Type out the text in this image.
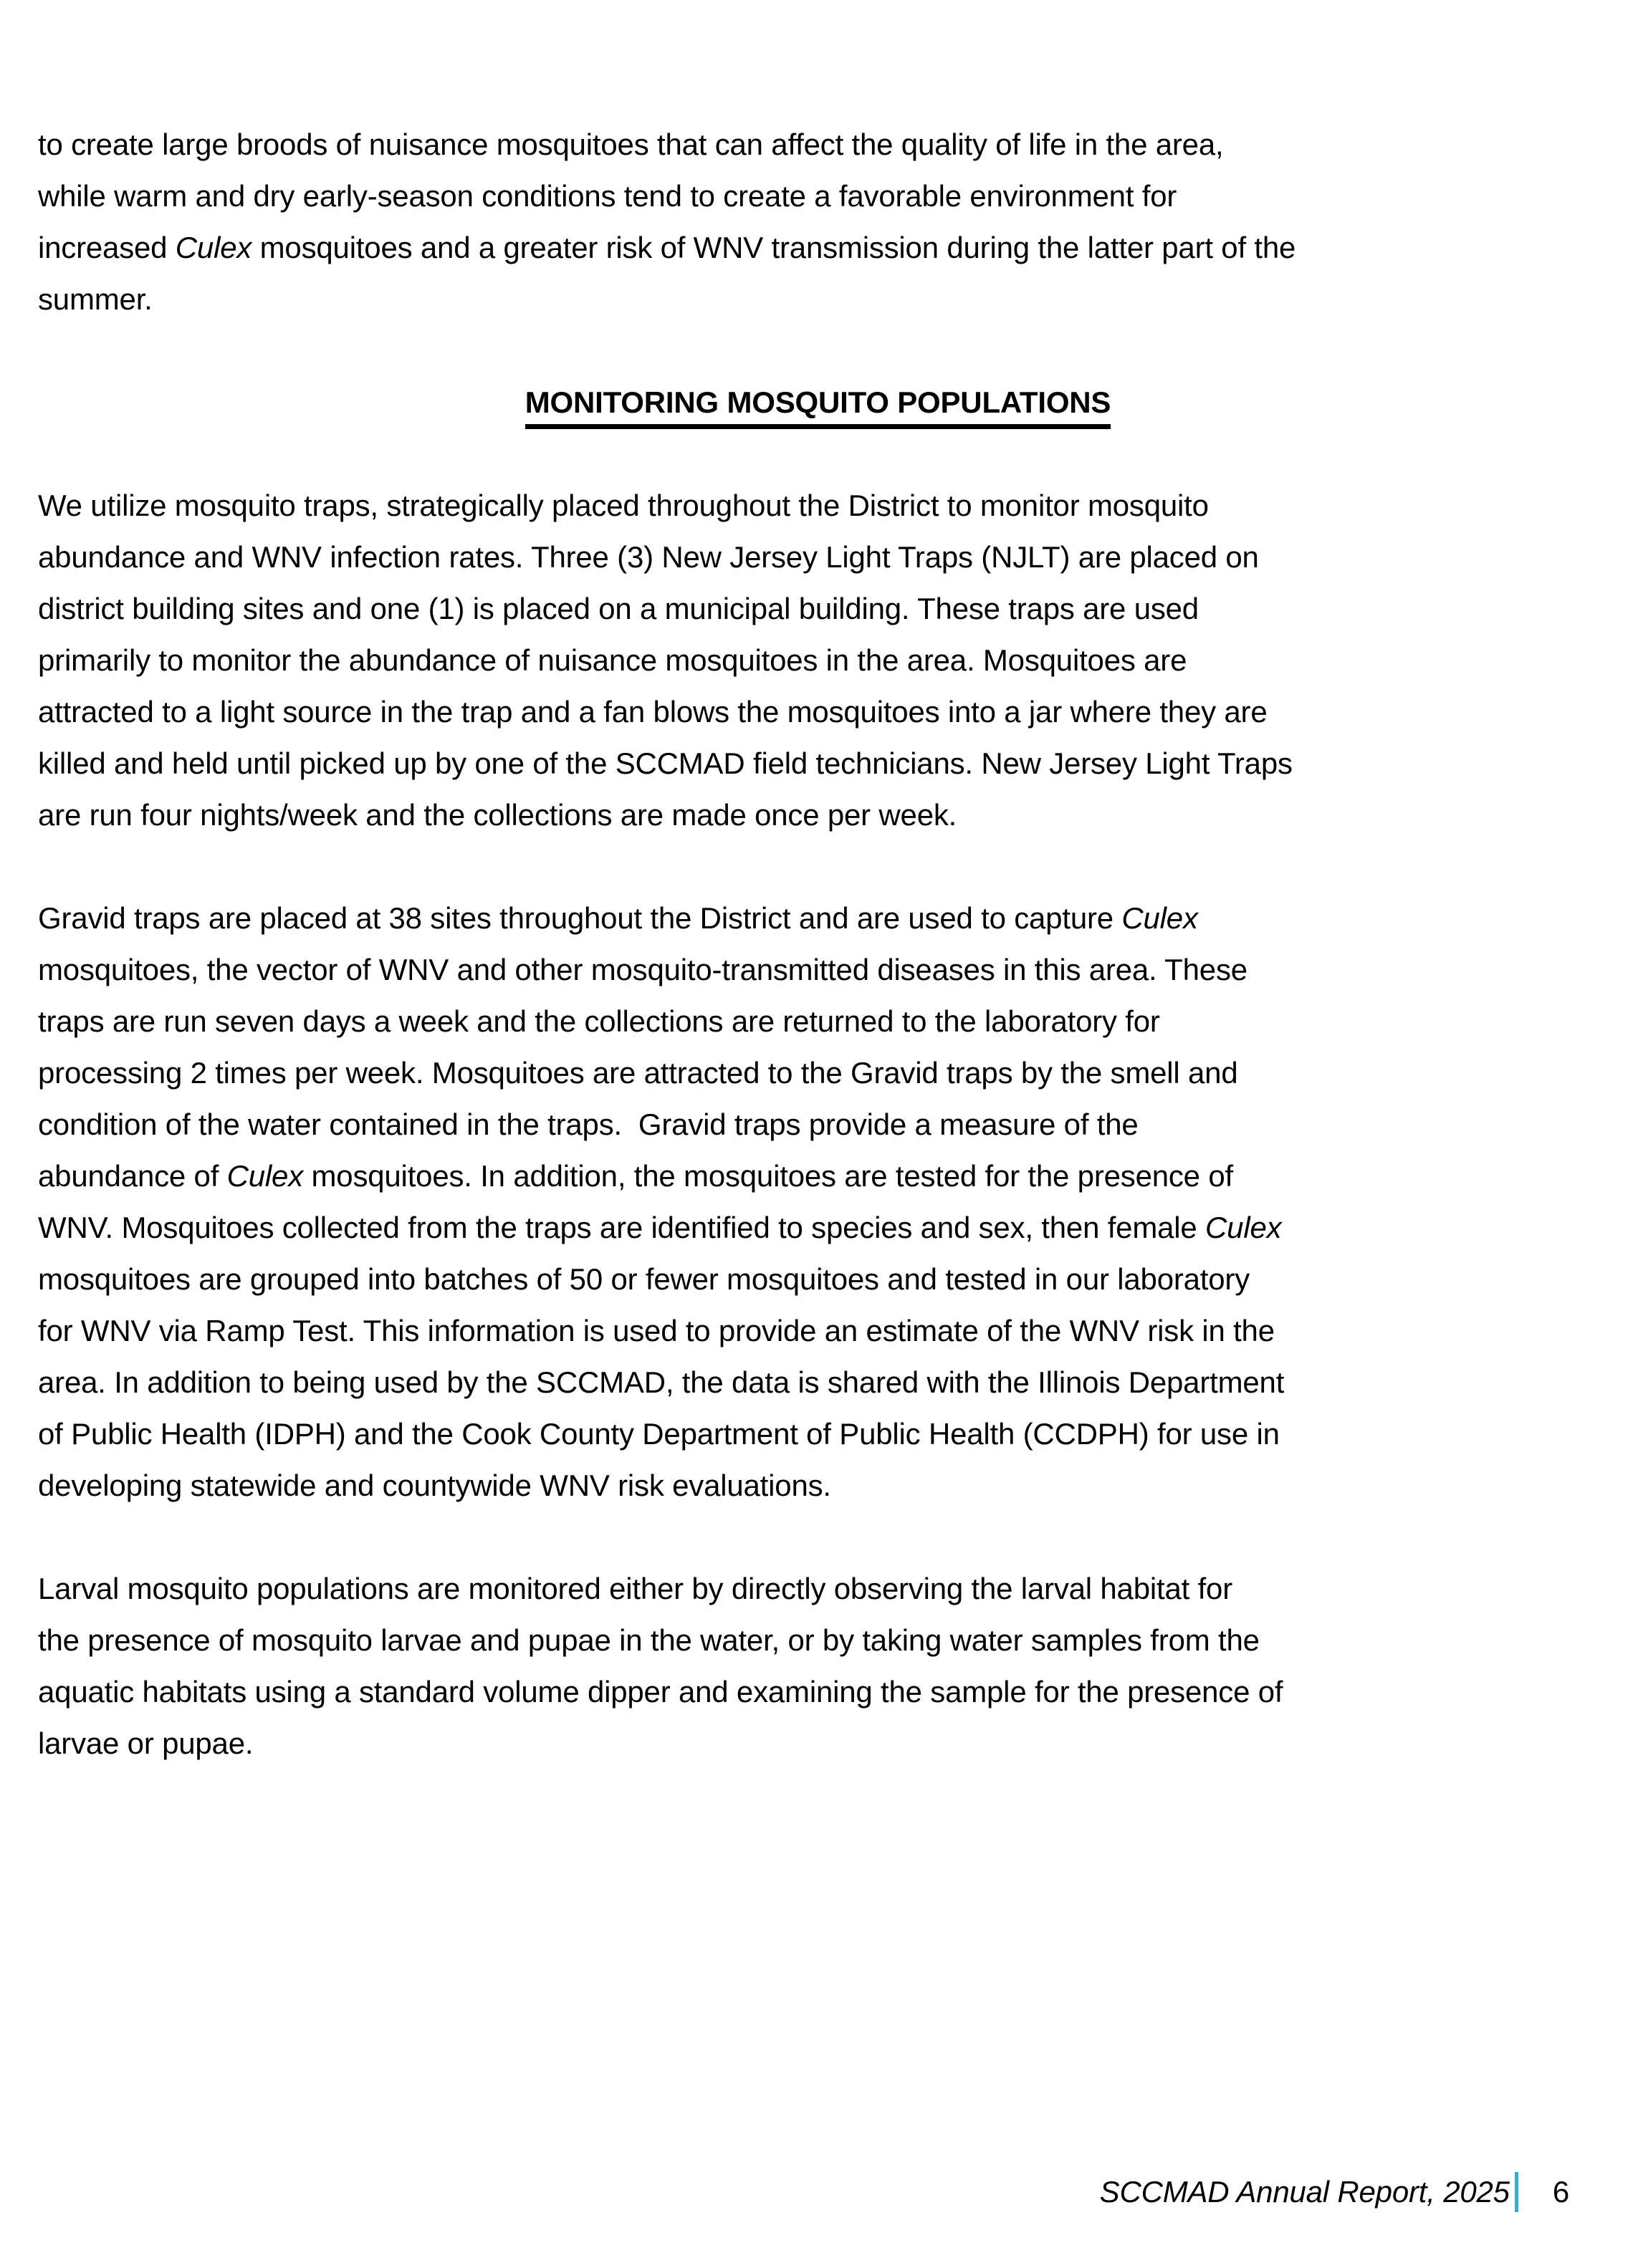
to create large broods of nuisance mosquitoes that can affect the quality of life in the area,
while warm and dry early-season conditions tend to create a favorable environment for
increased Culex mosquitoes and a greater risk of WNV transmission during the latter part of the
summer.
MONITORING MOSQUITO POPULATIONS
We utilize mosquito traps, strategically placed throughout the District to monitor mosquito
abundance and WNV infection rates. Three (3) New Jersey Light Traps (NJLT) are placed on
district building sites and one (1) is placed on a municipal building. These traps are used
primarily to monitor the abundance of nuisance mosquitoes in the area. Mosquitoes are
attracted to a light source in the trap and a fan blows the mosquitoes into a jar where they are
killed and held until picked up by one of the SCCMAD field technicians. New Jersey Light Traps
are run four nights/week and the collections are made once per week.
Gravid traps are placed at 38 sites throughout the District and are used to capture Culex
mosquitoes, the vector of WNV and other mosquito-transmitted diseases in this area. These
traps are run seven days a week and the collections are returned to the laboratory for
processing 2 times per week. Mosquitoes are attracted to the Gravid traps by the smell and
condition of the water contained in the traps.  Gravid traps provide a measure of the
abundance of Culex mosquitoes. In addition, the mosquitoes are tested for the presence of
WNV. Mosquitoes collected from the traps are identified to species and sex, then female Culex
mosquitoes are grouped into batches of 50 or fewer mosquitoes and tested in our laboratory
for WNV via Ramp Test. This information is used to provide an estimate of the WNV risk in the
area. In addition to being used by the SCCMAD, the data is shared with the Illinois Department
of Public Health (IDPH) and the Cook County Department of Public Health (CCDPH) for use in
developing statewide and countywide WNV risk evaluations.
Larval mosquito populations are monitored either by directly observing the larval habitat for
the presence of mosquito larvae and pupae in the water, or by taking water samples from the
aquatic habitats using a standard volume dipper and examining the sample for the presence of
larvae or pupae.
SCCMAD Annual Report, 2025 6
